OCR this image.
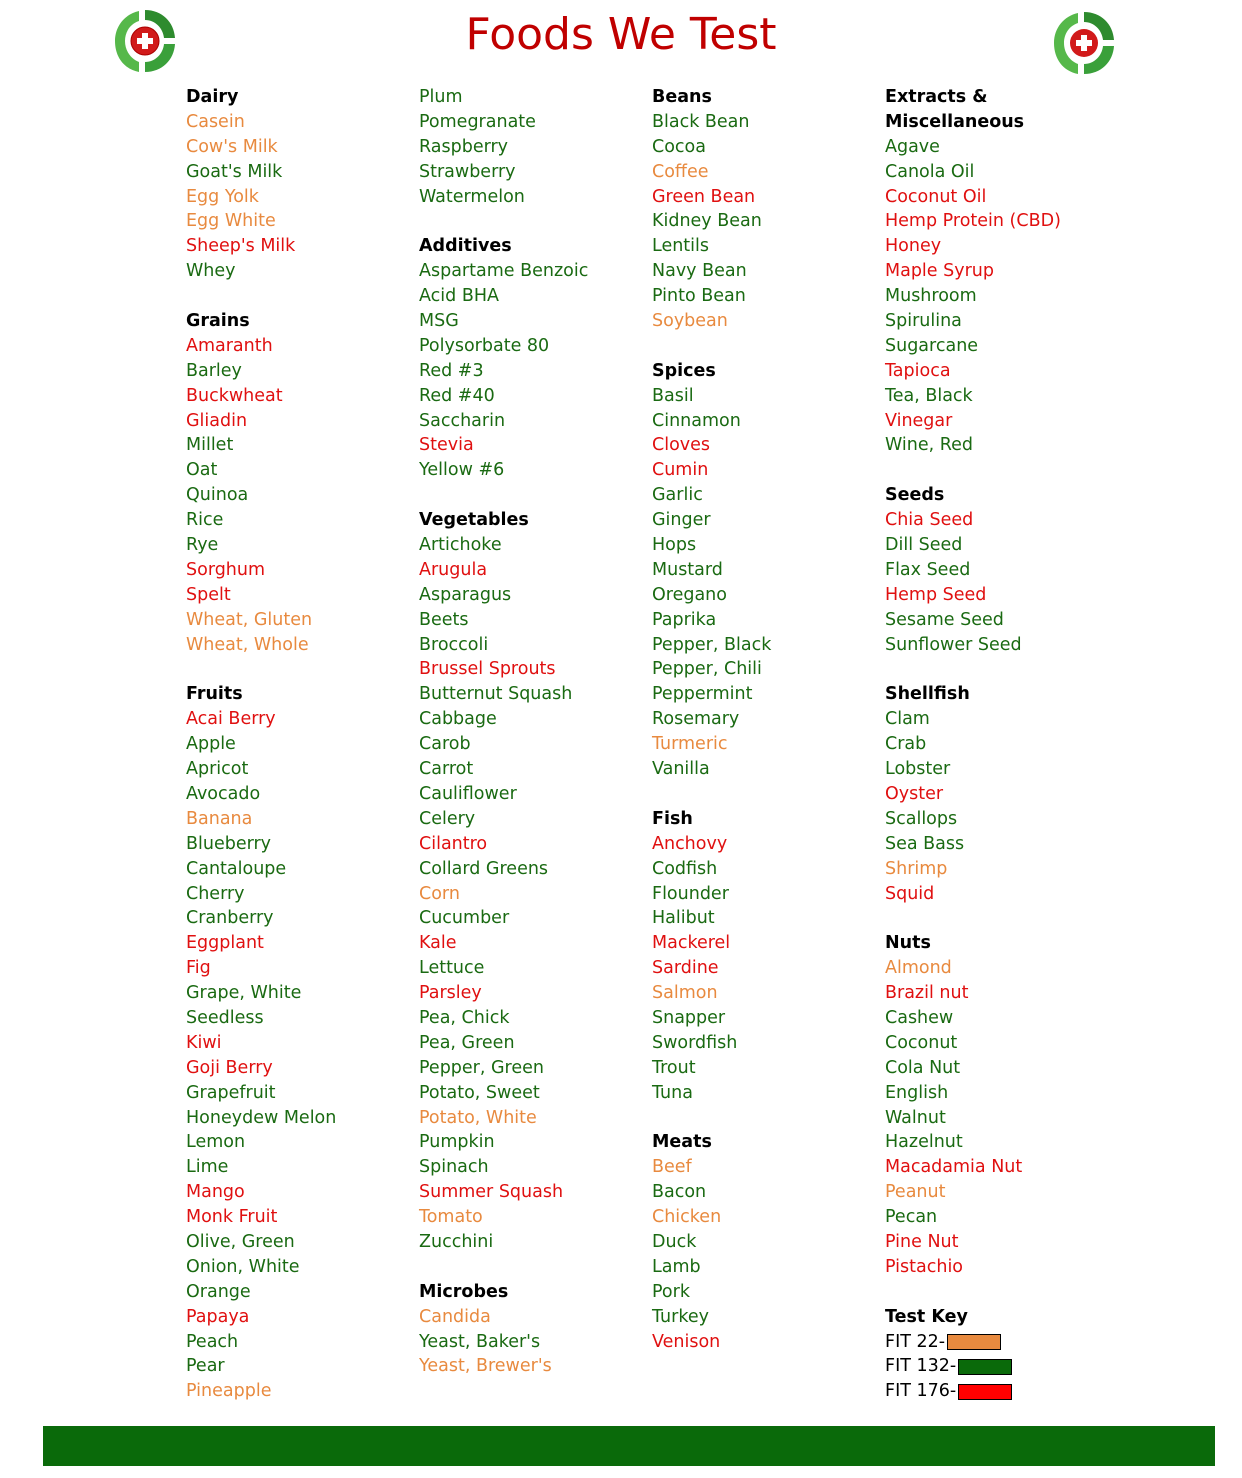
Foods We Test
Dairy
Casein
Cow's Milk
Goat's Milk
Egg Yolk
Egg White
Sheep's Milk
Whey
Grains
Amaranth
Barley
Buckwheat
Gliadin
Millet
Oat
Quinoa
Rice
Rye
Sorghum
Spelt
Wheat, Gluten
Wheat, Whole
Fruits
Acai Berry
Apple
Apricot
Avocado
Banana
Blueberry
Cantaloupe
Cherry
Cranberry
Eggplant
Fig
Grape, White
Seedless
Kiwi
Goji Berry
Grapefruit
Honeydew Melon
Lemon
Lime
Mango
Monk Fruit
Olive, Green
Onion, White
Orange
Papaya
Peach
Pear
Pineapple
Plum
Pomegranate
Raspberry
Strawberry
Watermelon
Additives
Aspartame Benzoic
Acid BHA
MSG
Polysorbate 80
Red #3
Red #40
Saccharin
Stevia
Yellow #6
Vegetables
Artichoke
Arugula
Asparagus
Beets
Broccoli
Brussel Sprouts
Butternut Squash
Cabbage
Carob
Carrot
Cauliflower
Celery
Cilantro
Collard Greens
Corn
Cucumber
Kale
Lettuce
Parsley
Pea, Chick
Pea, Green
Pepper, Green
Potato, Sweet
Potato, White
Pumpkin
Spinach
Summer Squash
Tomato
Zucchini
Microbes
Candida
Yeast, Baker's
Yeast, Brewer's
Beans
Black Bean
Cocoa
Coffee
Green Bean
Kidney Bean
Lentils
Navy Bean
Pinto Bean
Soybean
Spices
Basil
Cinnamon
Cloves
Cumin
Garlic
Ginger
Hops
Mustard
Oregano
Paprika
Pepper, Black
Pepper, Chili
Peppermint
Rosemary
Turmeric
Vanilla
Fish
Anchovy
Codfish
Flounder
Halibut
Mackerel
Sardine
Salmon
Snapper
Swordfish
Trout
Tuna
Meats
Beef
Bacon
Chicken
Duck
Lamb
Pork
Turkey
Venison
Extracts &
Miscellaneous
Agave
Canola Oil
Coconut Oil
Hemp Protein (CBD)
Honey
Maple Syrup
Mushroom
Spirulina
Sugarcane
Tapioca
Tea, Black
Vinegar
Wine, Red
Seeds
Chia Seed
Dill Seed
Flax Seed
Hemp Seed
Sesame Seed
Sunflower Seed
Shellfish
Clam
Crab
Lobster
Oyster
Scallops
Sea Bass
Shrimp
Squid
Nuts
Almond
Brazil nut
Cashew
Coconut
Cola Nut
English
Walnut
Hazelnut
Macadamia Nut
Peanut
Pecan
Pine Nut
Pistachio
Test Key
FIT 22-
FIT 132-
FIT 176-
